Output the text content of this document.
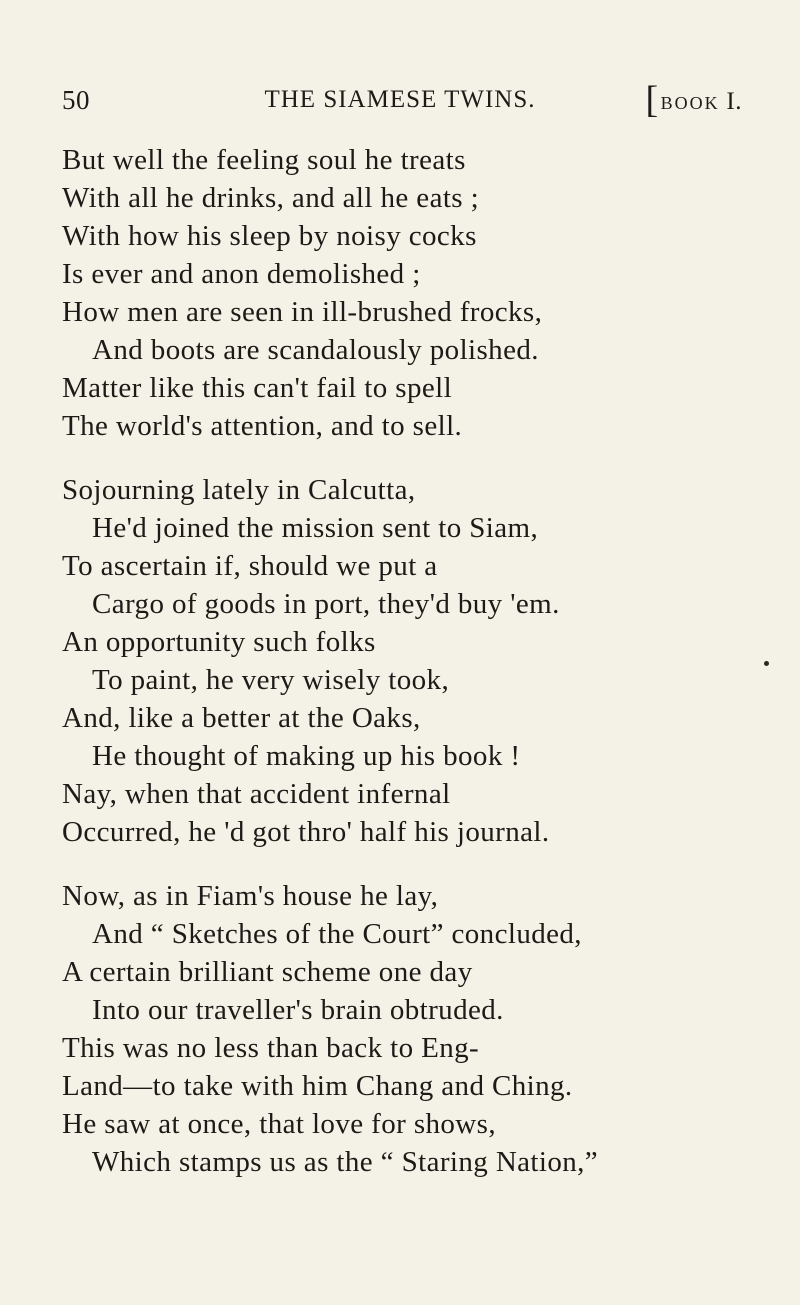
50	THE SIAMESE TWINS.	[ BOOK I.
But well the feeling soul he treats
With all he drinks, and all he eats ;
With how his sleep by noisy cocks
Is ever and anon demolished ;
How men are seen in ill-brushed frocks,
And boots are scandalously polished.
Matter like this can't fail to spell
The world's attention, and to sell.
Sojourning lately in Calcutta,
He'd joined the mission sent to Siam,
To ascertain if, should we put a
Cargo of goods in port, they'd buy 'em.
An opportunity such folks
To paint, he very wisely took,
And, like a better at the Oaks,
He thought of making up his book !
Nay, when that accident infernal
Occurred, he 'd got thro' half his journal.
Now, as in Fiam's house he lay,
And “ Sketches of the Court” concluded,
A certain brilliant scheme one day
Into our traveller's brain obtruded.
This was no less than back to Eng-
Land—to take with him Chang and Ching.
He saw at once, that love for shows,
Which stamps us as the “ Staring Nation,”
